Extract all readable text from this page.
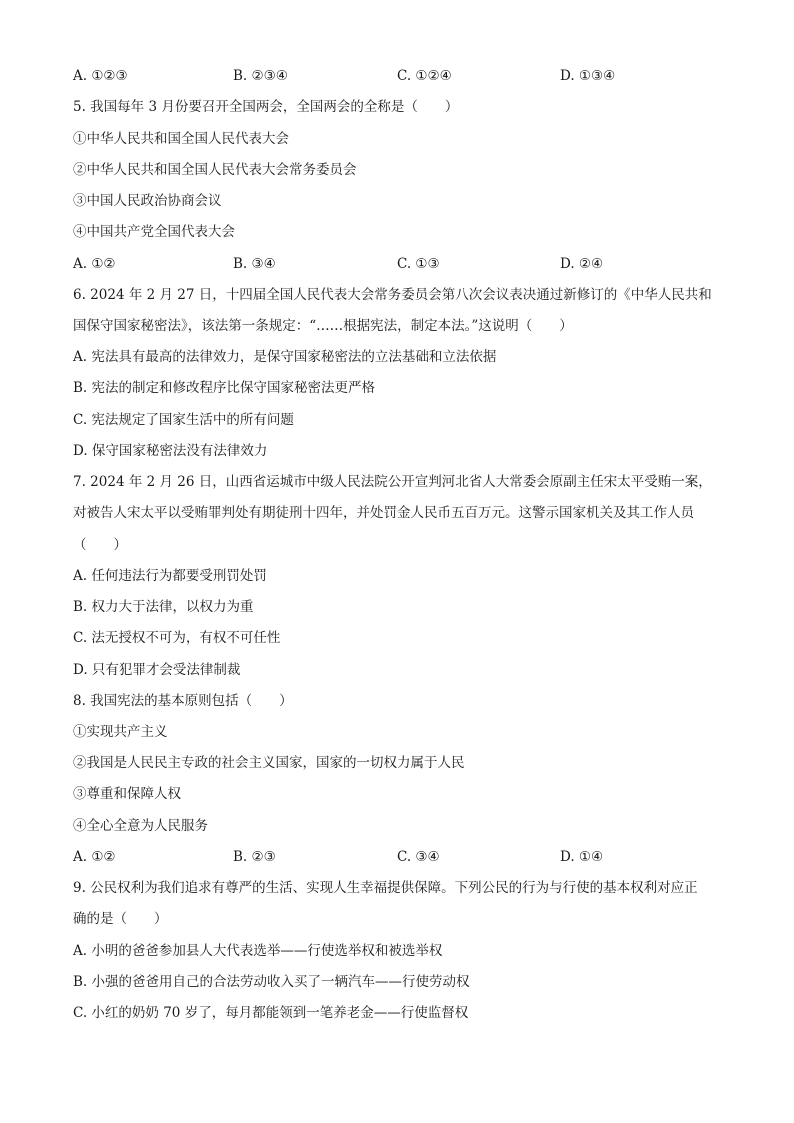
A. ①②③	B. ②③④	C. ①②④	D. ①③④
5. 我国每年 3 月份要召开全国两会，全国两会的全称是（　　）
①中华人民共和国全国人民代表大会
②中华人民共和国全国人民代表大会常务委员会
③中国人民政治协商会议
④中国共产党全国代表大会
A. ①②	B. ③④	C. ①③	D. ②④
6. 2024 年 2 月 27 日，十四届全国人民代表大会常务委员会第八次会议表决通过新修订的《中华人民共和
国保守国家秘密法》，该法第一条规定：“……根据宪法，制定本法。”这说明（　　）
A. 宪法具有最高的法律效力，是保守国家秘密法的立法基础和立法依据
B. 宪法的制定和修改程序比保守国家秘密法更严格
C. 宪法规定了国家生活中的所有问题
D. 保守国家秘密法没有法律效力
7. 2024 年 2 月 26 日，山西省运城市中级人民法院公开宣判河北省人大常委会原副主任宋太平受贿一案，
对被告人宋太平以受贿罪判处有期徒刑十四年，并处罚金人民币五百万元。这警示国家机关及其工作人员
（　　）
A. 任何违法行为都要受刑罚处罚
B. 权力大于法律，以权力为重
C. 法无授权不可为，有权不可任性
D. 只有犯罪才会受法律制裁
8. 我国宪法的基本原则包括（　　）
①实现共产主义
②我国是人民民主专政的社会主义国家，国家的一切权力属于人民
③尊重和保障人权
④全心全意为人民服务
A. ①②	B. ②③	C. ③④	D. ①④
9. 公民权利为我们追求有尊严的生活、实现人生幸福提供保障。下列公民的行为与行使的基本权利对应正
确的是（　　）
A. 小明的爸爸参加县人大代表选举——行使选举权和被选举权
B. 小强的爸爸用自己的合法劳动收入买了一辆汽车——行使劳动权
C. 小红的奶奶 70 岁了，每月都能领到一笔养老金——行使监督权
